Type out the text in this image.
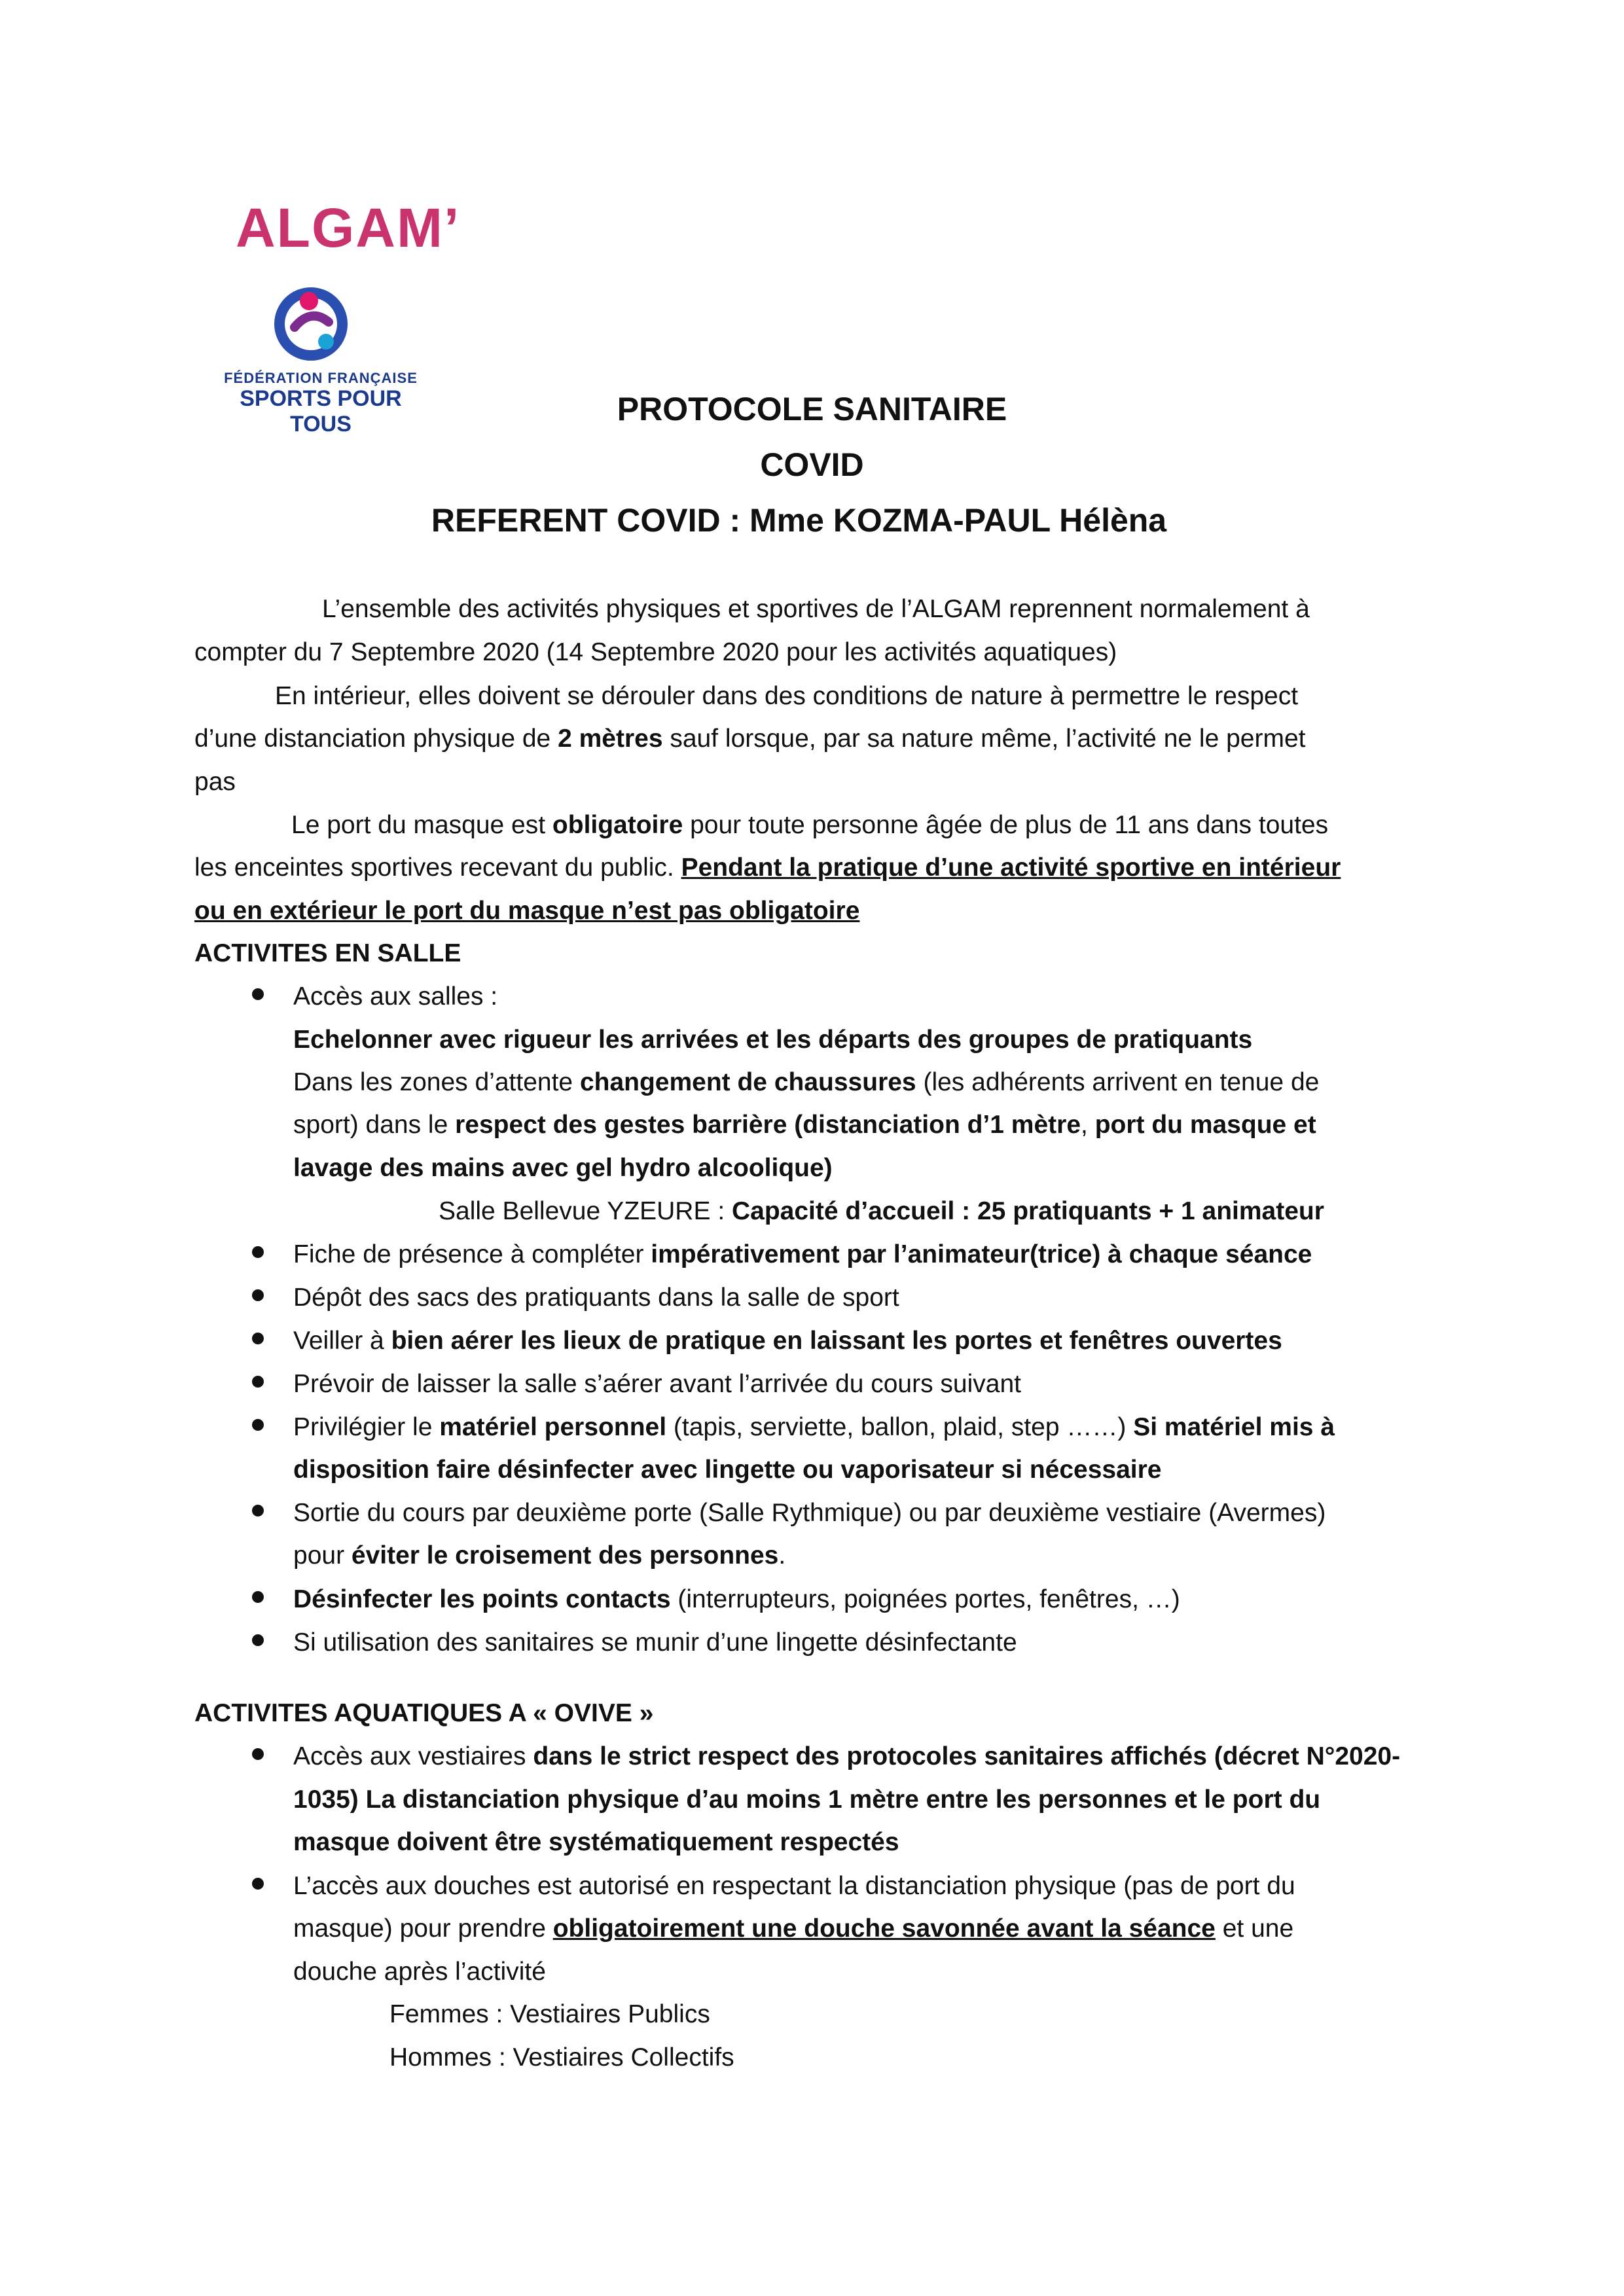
ALGAM’
FÉDÉRATION FRANÇAISE
SPORTS POUR TOUS	PROTOCOLE SANITAIRE
COVID
REFERENT COVID : Mme KOZMA-PAUL Hélèna
L’ensemble des activités physiques et sportives de l’ALGAM reprennent normalement à
compter du 7 Septembre 2020 (14 Septembre 2020 pour les activités aquatiques)
En intérieur, elles doivent se dérouler dans des conditions de nature à permettre le respect
d’une distanciation physique de 2 mètres sauf lorsque, par sa nature même, l’activité ne le permet
pas
Le port du masque est obligatoire pour toute personne âgée de plus de 11 ans dans toutes
les enceintes sportives recevant du public. Pendant la pratique d’une activité sportive en intérieur
ou en extérieur le port du masque n’est pas obligatoire
ACTIVITES EN SALLE
Accès aux salles :
Echelonner avec rigueur les arrivées et les départs des groupes de pratiquants
Dans les zones d’attente changement de chaussures (les adhérents arrivent en tenue de
sport) dans le respect des gestes barrière (distanciation d’1 mètre, port du masque et
lavage des mains avec gel hydro alcoolique)
Salle Bellevue YZEURE : Capacité d’accueil : 25 pratiquants + 1 animateur
Fiche de présence à compléter impérativement par l’animateur(trice) à chaque séance
Dépôt des sacs des pratiquants dans la salle de sport
Veiller à bien aérer les lieux de pratique en laissant les portes et fenêtres ouvertes
Prévoir de laisser la salle s’aérer avant l’arrivée du cours suivant
Privilégier le matériel personnel (tapis, serviette, ballon, plaid, step ……) Si matériel mis à
disposition faire désinfecter avec lingette ou vaporisateur si nécessaire
Sortie du cours par deuxième porte (Salle Rythmique) ou par deuxième vestiaire (Avermes)
pour éviter le croisement des personnes.
Désinfecter les points contacts (interrupteurs, poignées portes, fenêtres, …)
Si utilisation des sanitaires se munir d’une lingette désinfectante
ACTIVITES AQUATIQUES A « OVIVE »
Accès aux vestiaires dans le strict respect des protocoles sanitaires affichés (décret N°2020-
1035) La distanciation physique d’au moins 1 mètre entre les personnes et le port du
masque doivent être systématiquement respectés
L’accès aux douches est autorisé en respectant la distanciation physique (pas de port du
masque) pour prendre obligatoirement une douche savonnée avant la séance et une
douche après l’activité
Femmes : Vestiaires Publics
Hommes : Vestiaires Collectifs
